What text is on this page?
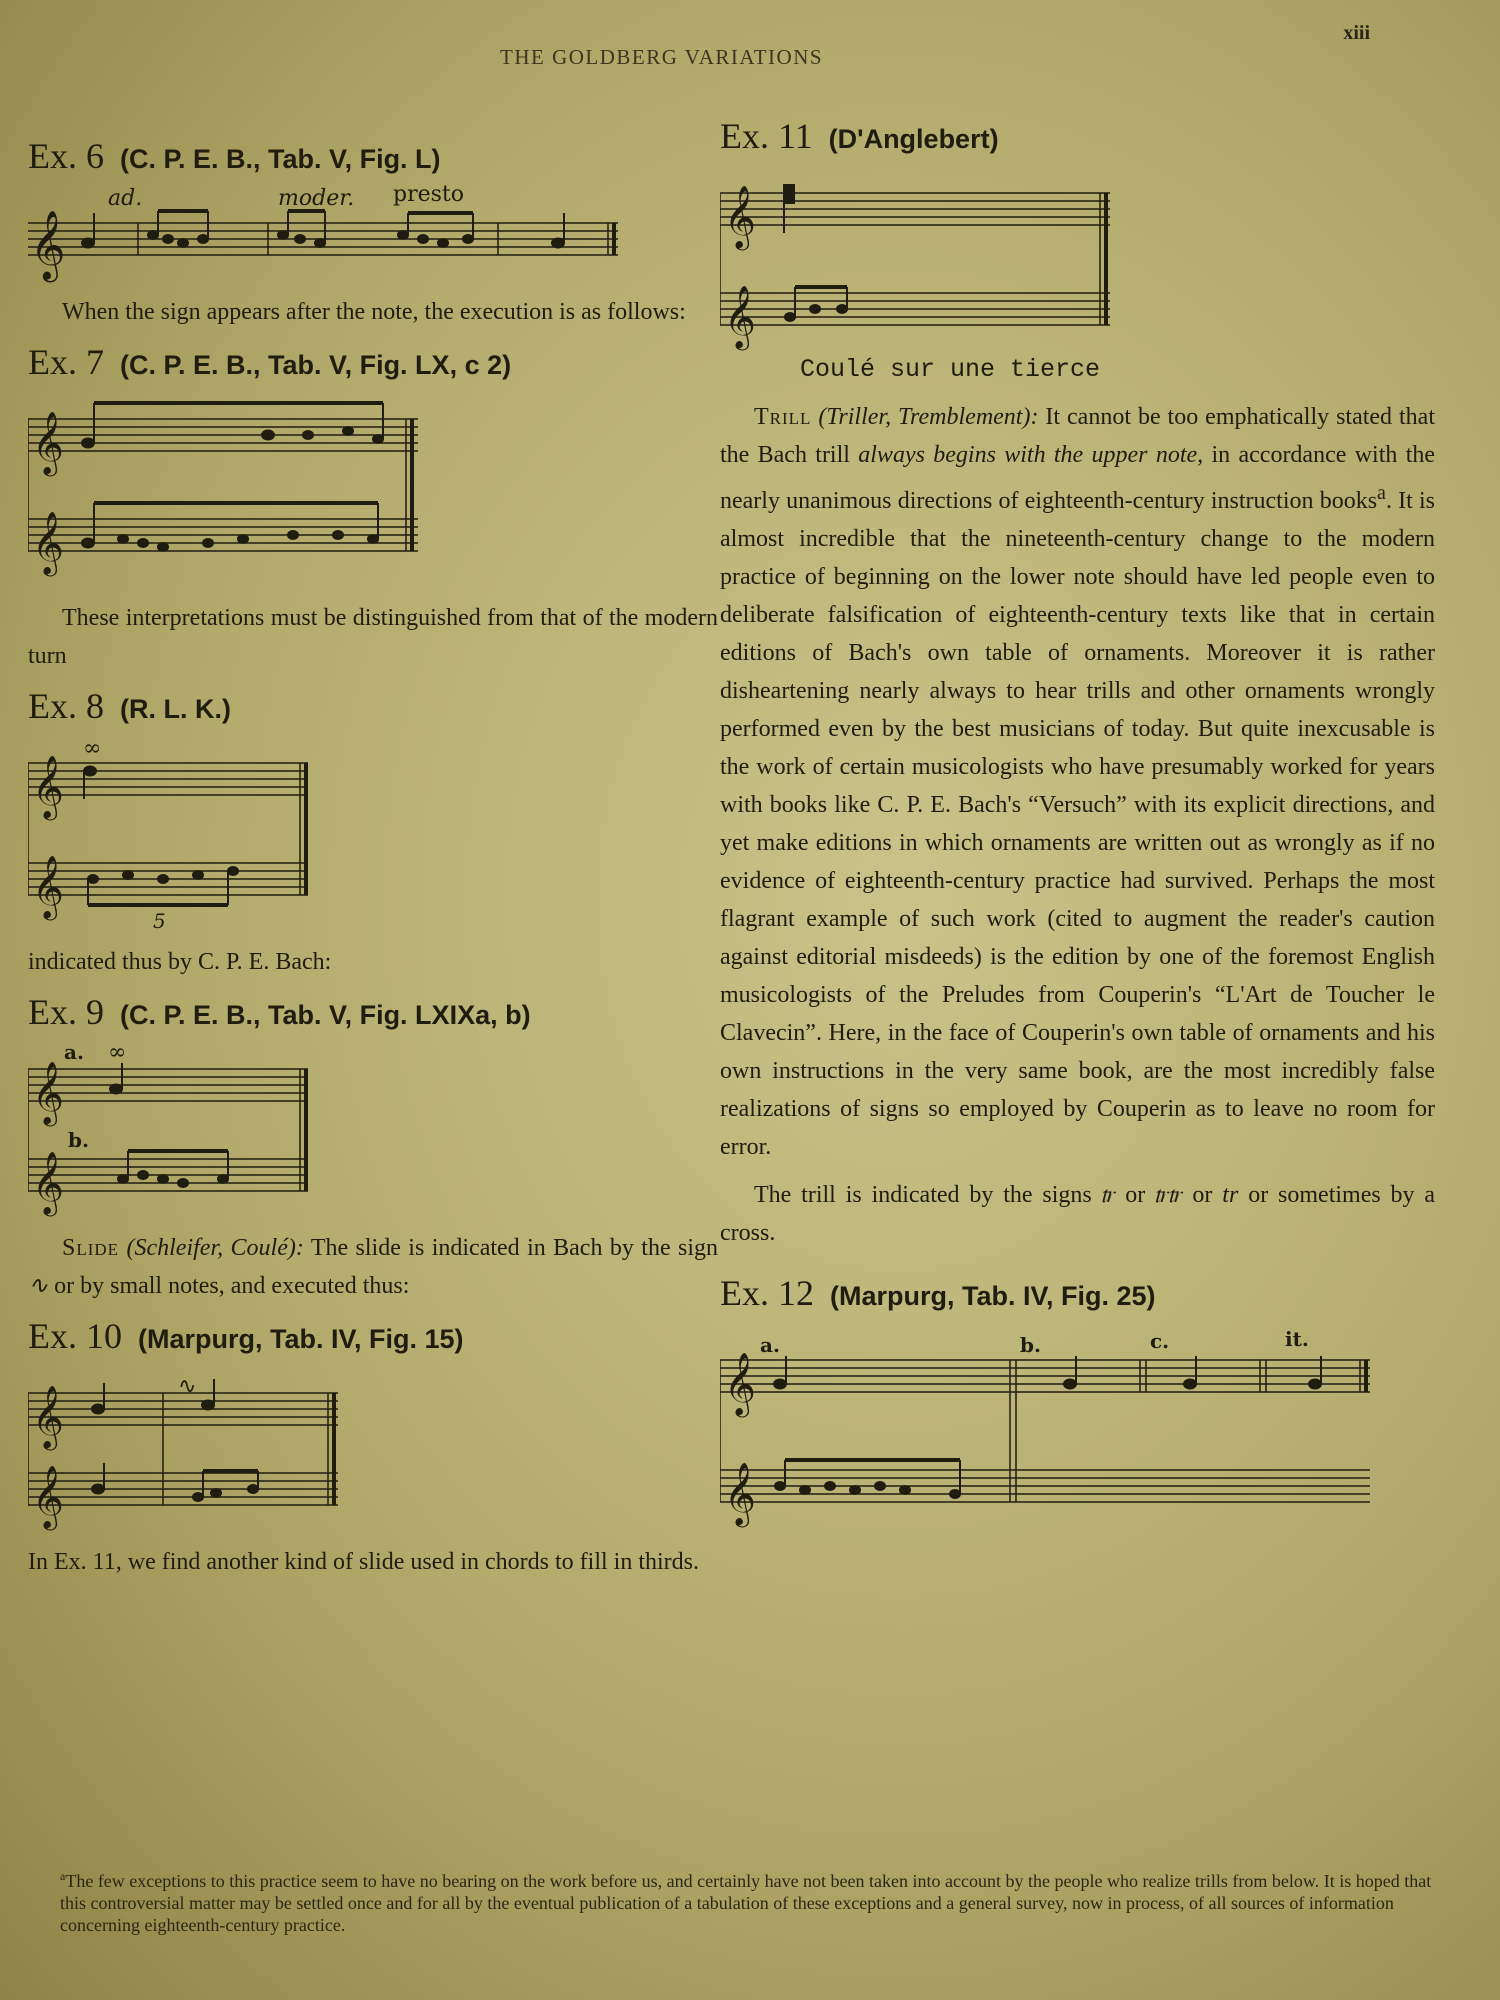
THE GOLDBERG VARIATIONS
xiii
Ex. 6 (C. P. E. B., Tab. V, Fig. L)
𝄞
ad.	moder. presto

When the sign appears after the note, the execution is as follows:

Ex. 7 (C. P. E. B., Tab. V, Fig. LX, c 2)
𝄞
𝄞

These interpretations must be distinguished from that of the modern turn

Ex. 8 (R. L. K.)
𝄞
𝄞
∞
5

indicated thus by C. P. E. Bach:

Ex. 9 (C. P. E. B., Tab. V, Fig. LXIXa, b)
a.
b.
𝄞
𝄞
∞

Slide (Schleifer, Coulé): The slide is indicated in Bach by the sign ∿ or by small notes, and executed thus:

Ex. 10 (Marpurg, Tab. IV, Fig. 15)
𝄞
𝄞
∿

In Ex. 11, we find another kind of slide used in chords to fill in thirds.

Ex. 11 (D'Anglebert)
𝄞
𝄞
Coulé sur une tierce

Trill (Triller, Tremblement): It cannot be too emphatically stated that the Bach trill always begins with the upper note, in accordance with the nearly unanimous directions of eighteenth-century instruction books$^a$. It is almost incredible that the nineteenth-century change to the modern practice of beginning on the lower note should have led people even to deliberate falsification of eighteenth-century texts like that in certain editions of Bach's own table of ornaments. Moreover it is rather disheartening nearly always to hear trills and other ornaments wrongly performed even by the best musicians of today. But quite inexcusable is the work of certain musicologists who have presumably worked for years with books like C. P. E. Bach's “Versuch” with its explicit directions, and yet make editions in which ornaments are written out as wrongly as if no evidence of eighteenth-century practice had survived. Perhaps the most flagrant example of such work (cited to augment the reader's caution against editorial misdeeds) is the edition by one of the foremost English musicologists of the Preludes from Couperin's “L'Art de Toucher le Clavecin”. Here, in the face of Couperin's own table of ornaments and his own instructions in the very same book, are the most incredibly false realizations of signs so employed by Couperin as to leave no room for error.

The trill is indicated by the signs 𝆖 or 𝆖𝆖 or tr or sometimes by a cross.

Ex. 12 (Marpurg, Tab. IV, Fig. 25)
a.	b.	c.	it.
𝄞
𝄞
$^a$The few exceptions to this practice seem to have no bearing on the work before us, and certainly have not been taken into account by the people who realize trills from below. It is hoped that this controversial matter may be settled once and for all by the eventual publication of a tabulation of these exceptions and a general survey, now in process, of all sources of information concerning eighteenth-century practice.
